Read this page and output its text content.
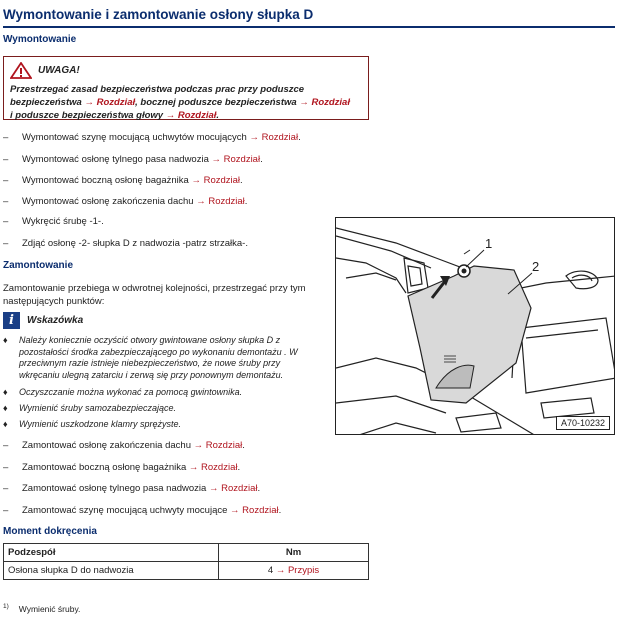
Wymontowanie i zamontowanie osłony słupka D
Wymontowanie
UWAGA!
Przestrzegać zasad bezpieczeństwa podczas prac przy poduszce
bezpieczeństwa → Rozdział, bocznej poduszce bezpieczeństwa → Rozdział
i poduszce bezpieczeństwa głowy → Rozdział.
– Wymontować szynę mocującą uchwytów mocujących → Rozdział.
– Wymontować osłonę tylnego pasa nadwozia → Rozdział.
– Wymontować boczną osłonę bagażnika → Rozdział.
– Wymontować osłonę zakończenia dachu → Rozdział.
– Wykręcić śrubę -1-.
– Zdjąć osłonę -2- słupka D z nadwozia -patrz strzałka-.
Zamontowanie
Zamontowanie przebiega w odwrotnej kolejności, przestrzegać przy tym
następujących punktów:
i	Wskazówka
♦	Należy koniecznie oczyścić otwory gwintowane osłony słupka D z
pozostałości środka zabezpieczającego po wykonaniu demontażu . W
przeciwnym razie istnieje niebezpieczeństwo, że nowe śruby przy
wkręcaniu ulegną zatarciu i zerwą się przy ponownym demontażu.
♦	Oczyszczanie można wykonać za pomocą gwintownika.
♦	Wymienić śruby samozabezpieczające.
♦	Wymienić uszkodzone klamry sprężyste.
– Zamontować osłonę zakończenia dachu → Rozdział.
– Zamontować boczną osłonę bagażnika → Rozdział.
– Zamontować osłonę tylnego pasa nadwozia → Rozdział.
– Zamontować szynę mocującą uchwyty mocujące → Rozdział.
1
2
A70-10232
Moment dokręcenia
Podzespół	Nm
Osłona słupka D do nadwozia	4 → Przypis
$^{1)}$ Wymienić śruby.
